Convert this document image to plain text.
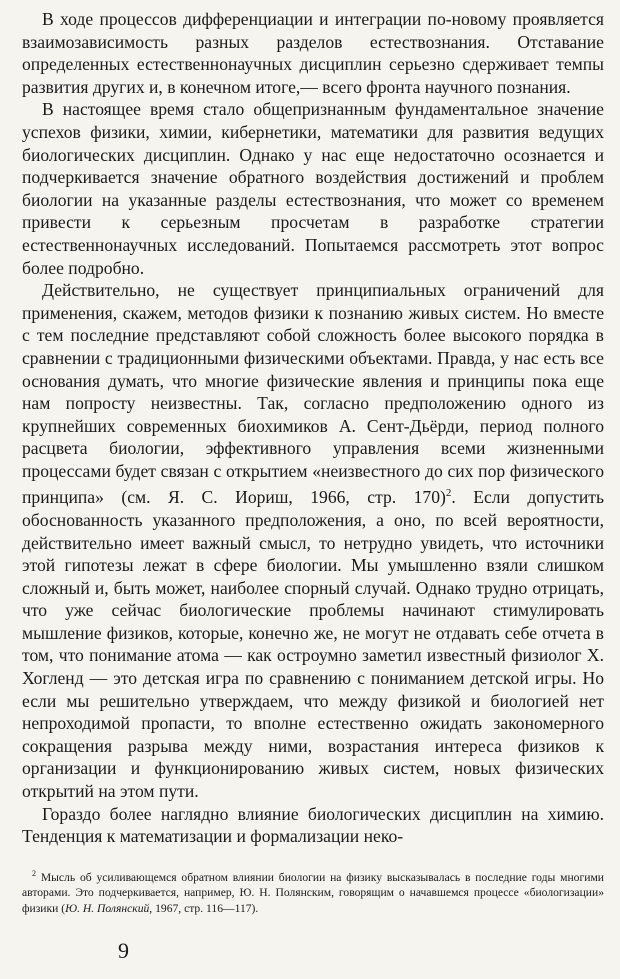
В ходе процессов дифференциации и интеграции по-новому проявляется взаимозависимость разных разделов естествознания. Отставание определенных естественнонаучных дисциплин серьезно сдерживает темпы развития других и, в конечном итоге,— всего фронта научного познания.

В настоящее время стало общепризнанным фундаментальное значение успехов физики, химии, кибернетики, математики для развития ведущих биологических дисциплин. Однако у нас еще недостаточно осознается и подчеркивается значение обратного воздействия достижений и проблем биологии на указанные разделы естествознания, что может со временем привести к серьезным просчетам в разработке стратегии естественнонаучных исследований. Попытаемся рассмотреть этот вопрос более подробно.

Действительно, не существует принципиальных ограничений для применения, скажем, методов физики к познанию живых систем. Но вместе с тем последние представляют собой сложность более высокого порядка в сравнении с традиционными физическими объектами. Правда, у нас есть все основания думать, что многие физические явления и принципы пока еще нам попросту неизвестны. Так, согласно предположению одного из крупнейших современных биохимиков А. Сент-Дьёрди, период полного расцвета биологии, эффективного управления всеми жизненными процессами будет связан с открытием «неизвестного до сих пор физического принципа» (см. Я. С. Иориш, 1966, стр. 170)$^2$. Если допустить обоснованность указанного предположения, а оно, по всей вероятности, действительно имеет важный смысл, то нетрудно увидеть, что источники этой гипотезы лежат в сфере биологии. Мы умышленно взяли слишком сложный и, быть может, наиболее спорный случай. Однако трудно отрицать, что уже сейчас биологические проблемы начинают стимулировать мышление физиков, которые, конечно же, не могут не отдавать себе отчета в том, что понимание атома — как остроумно заметил известный физиолог Х. Хогленд — это детская игра по сравнению с пониманием детской игры. Но если мы решительно утверждаем, что между физикой и биологией нет непроходимой пропасти, то вполне естественно ожидать закономерного сокращения разрыва между ними, возрастания интереса физиков к организации и функционированию живых систем, новых физических открытий на этом пути.

Гораздо более наглядно влияние биологических дисциплин на химию. Тенденция к математизации и формализации неко-

$^2$ Мысль об усиливающемся обратном влиянии биологии на физику высказывалась в последние годы многими авторами. Это подчеркивается, например, Ю. Н. Полянским, говорящим о начавшемся процессе «биологизации» физики (Ю. Н. Полянский, 1967, стр. 116—117).

9
